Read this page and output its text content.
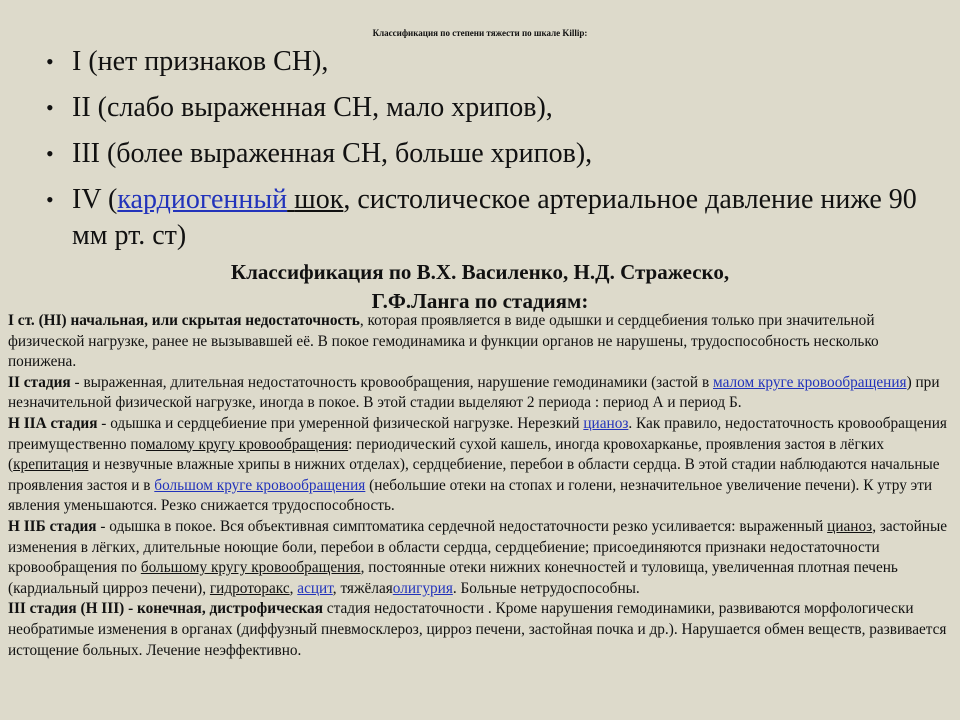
Классификация по степени тяжести по шкале Killip:
• I (нет признаков СН),
• II (слабо выраженная СН, мало хрипов),
• III (более выраженная СН, больше хрипов),
• IV (кардиогенный шок, систолическое артериальное давление ниже 90 мм рт. ст)
Классификация по В.Х. Василенко, Н.Д. Стражеско,
Г.Ф.Ланга по стадиям:

I ст. (НI) начальная, или скрытая недостаточность, которая проявляется в виде одышки и сердцебиения только при значительной физической нагрузке, ранее не вызывавшей её. В покое гемодинамика и функции органов не нарушены, трудоспособность несколько понижена.

II стадия - выраженная, длительная недостаточность кровообращения, нарушение гемодинамики (застой в малом круге кровообращения) при незначительной физической нагрузке, иногда в покое. В этой стадии выделяют 2 периода : период А и период Б.

Н IIА стадия - одышка и сердцебиение при умеренной физической нагрузке. Нерезкий цианоз. Как правило, недостаточность кровообращения преимущественно помалому кругу кровообращения: периодический сухой кашель, иногда кровохарканье, проявления застоя в лёгких (крепитация и незвучные влажные хрипы в нижних отделах), сердцебиение, перебои в области сердца. В этой стадии наблюдаются начальные проявления застоя и в большом круге кровообращения (небольшие отеки на стопах и голени, незначительное увеличение печени). К утру эти явления уменьшаются. Резко снижается трудоспособность.

Н IIБ стадия - одышка в покое. Вся объективная симптоматика сердечной недостаточности резко усиливается: выраженный цианоз, застойные изменения в лёгких, длительные ноющие боли, перебои в области сердца, сердцебиение; присоединяются признаки недостаточности кровообращения по большому кругу кровообращения, постоянные отеки нижних конечностей и туловища, увеличенная плотная печень (кардиальный цирроз печени), гидроторакс, асцит, тяжёлаяолигурия. Больные нетрудоспособны.

III стадия (Н III) - конечная, дистрофическая стадия недостаточности . Кроме нарушения гемодинамики, развиваются морфологически необратимые изменения в органах (диффузный пневмосклероз, цирроз печени, застойная почка и др.). Нарушается обмен веществ, развивается истощение больных. Лечение неэффективно.
